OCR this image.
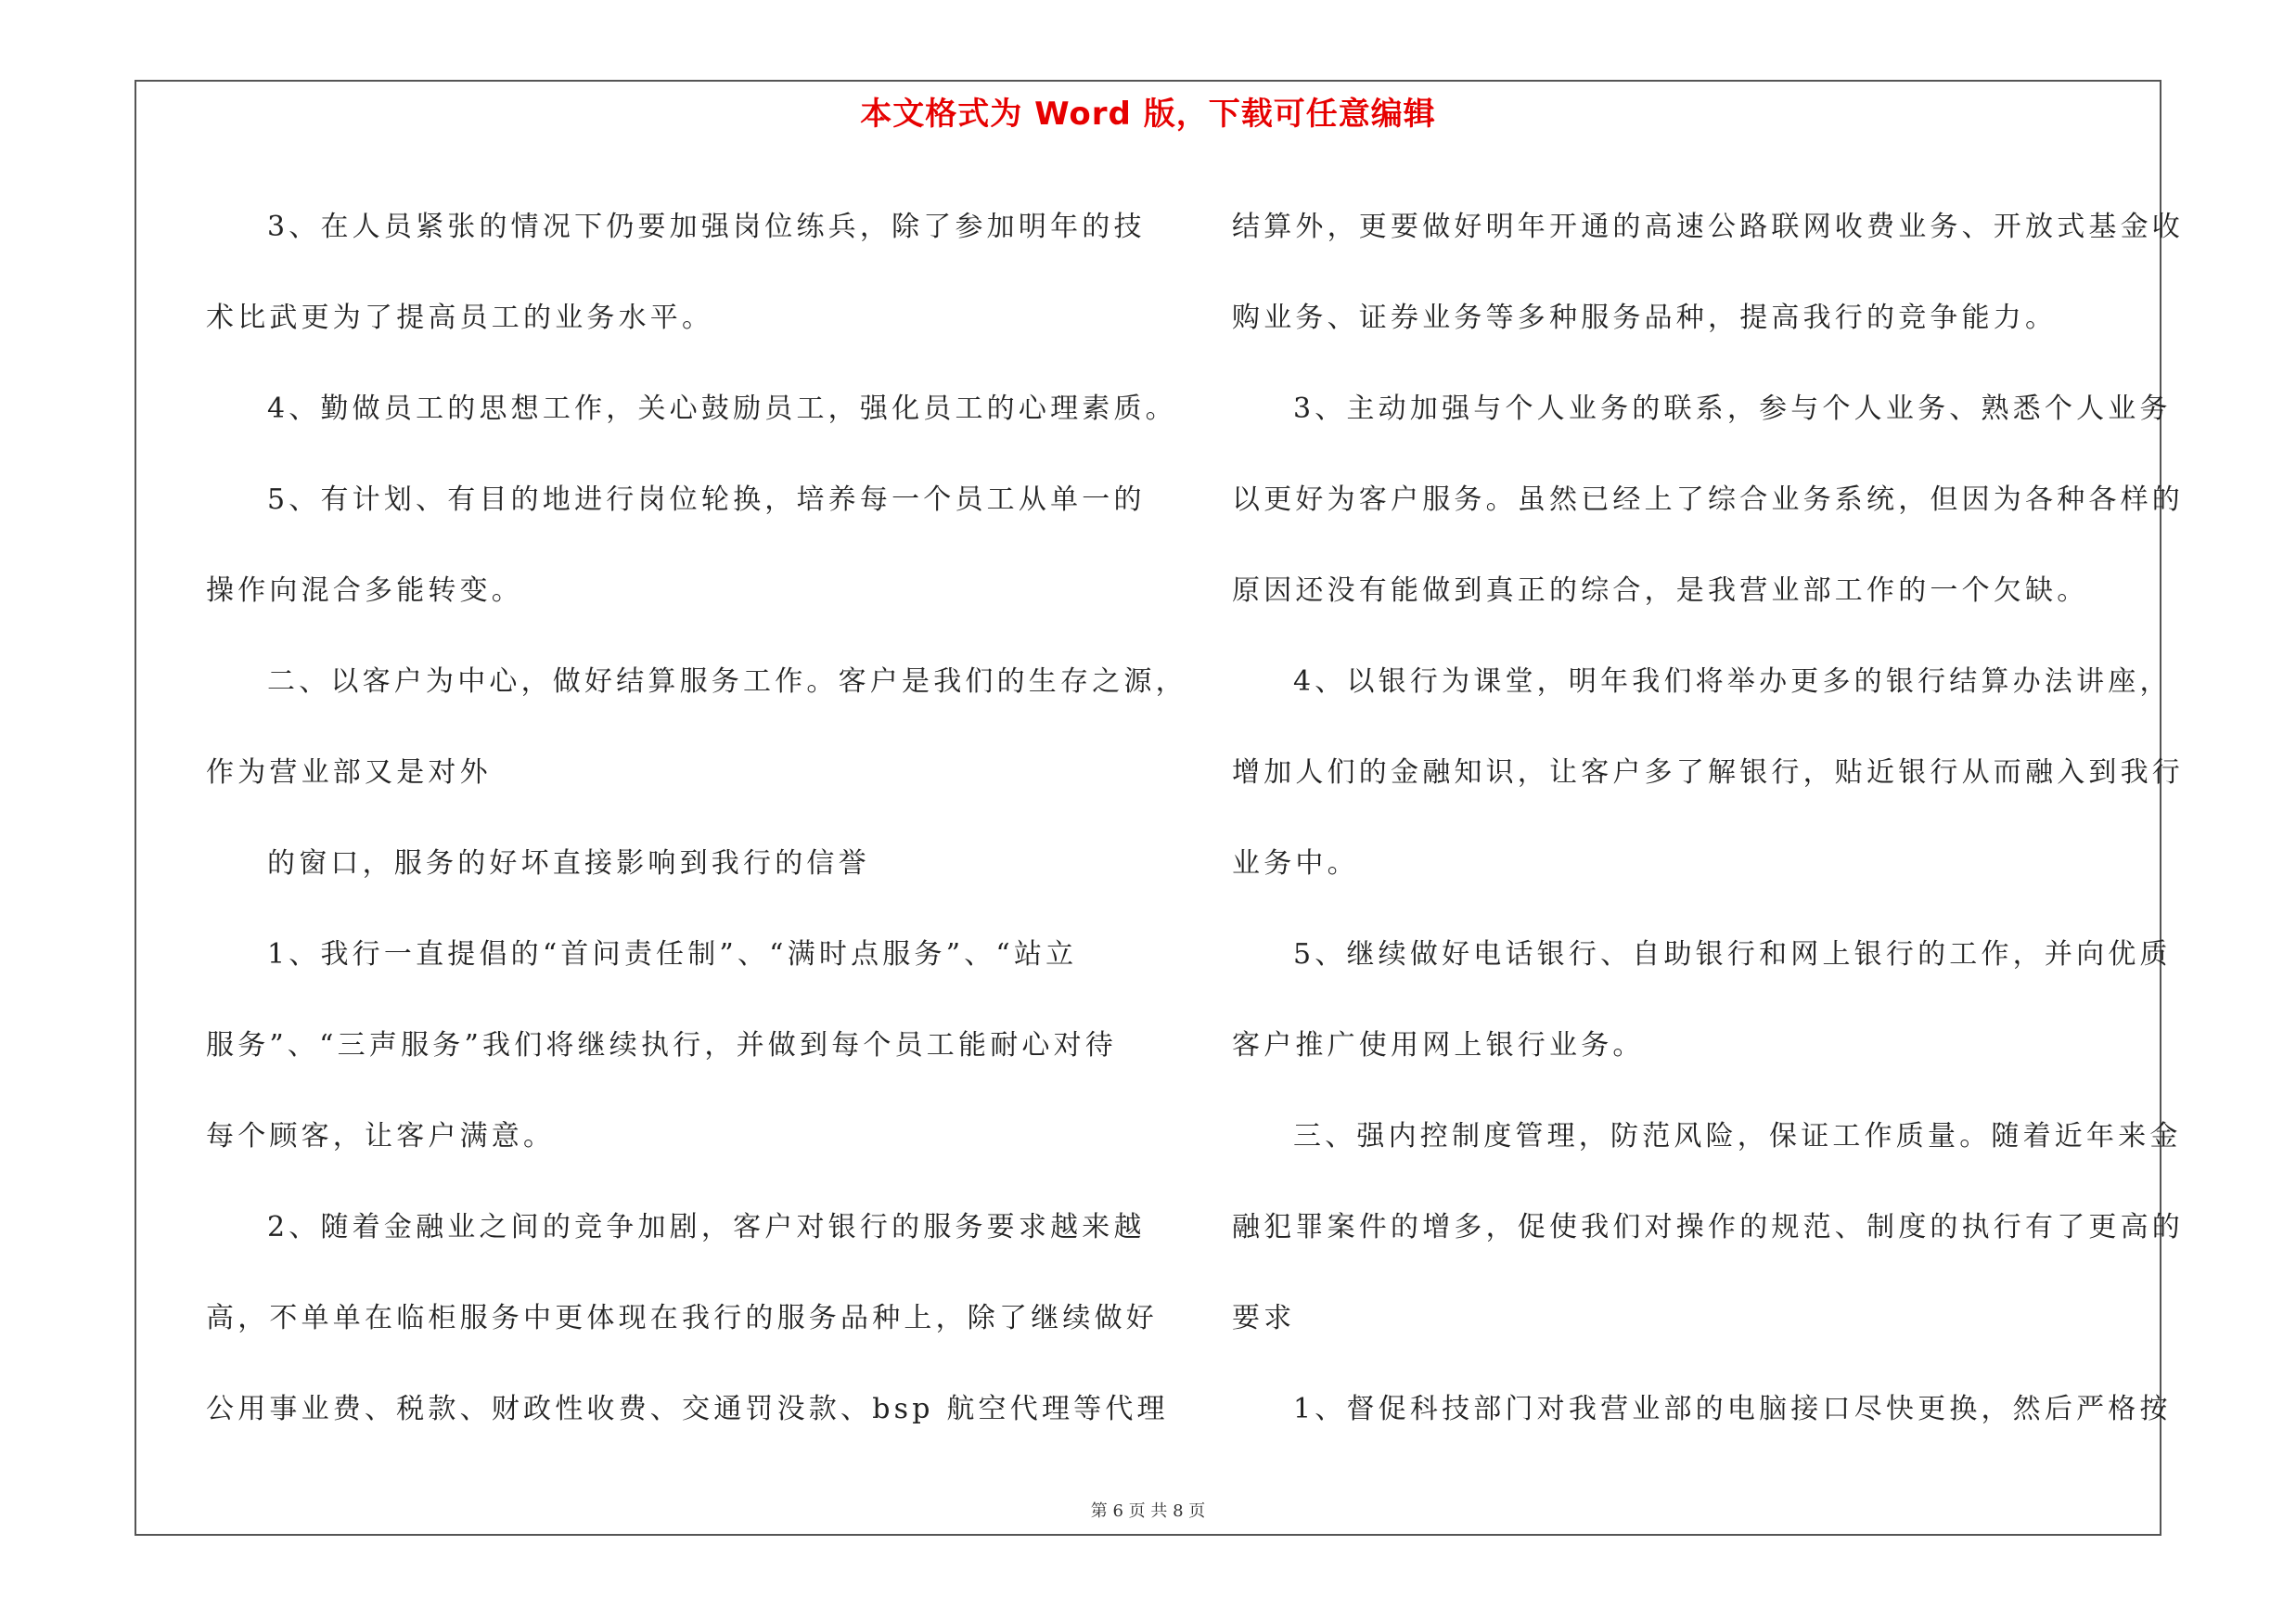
本文格式为 Word 版，下载可任意编辑
3、在人员紧张的情况下仍要加强岗位练兵，除了参加明年的技
术比武更为了提高员工的业务水平。
4、勤做员工的思想工作，关心鼓励员工，强化员工的心理素质。
5、有计划、有目的地进行岗位轮换，培养每一个员工从单一的
操作向混合多能转变。
二、以客户为中心，做好结算服务工作。客户是我们的生存之源，
作为营业部又是对外
的窗口，服务的好坏直接影响到我行的信誉
1、我行一直提倡的“首问责任制”、“满时点服务”、“站立
服务”、“三声服务”我们将继续执行，并做到每个员工能耐心对待
每个顾客，让客户满意。
2、随着金融业之间的竞争加剧，客户对银行的服务要求越来越
高，不单单在临柜服务中更体现在我行的服务品种上，除了继续做好
公用事业费、税款、财政性收费、交通罚没款、bsp 航空代理等代理
结算外，更要做好明年开通的高速公路联网收费业务、开放式基金收
购业务、证券业务等多种服务品种，提高我行的竞争能力。
3、主动加强与个人业务的联系，参与个人业务、熟悉个人业务
以更好为客户服务。虽然已经上了综合业务系统，但因为各种各样的
原因还没有能做到真正的综合，是我营业部工作的一个欠缺。
4、以银行为课堂，明年我们将举办更多的银行结算办法讲座，
增加人们的金融知识，让客户多了解银行，贴近银行从而融入到我行
业务中。
5、继续做好电话银行、自助银行和网上银行的工作，并向优质
客户推广使用网上银行业务。
三、强内控制度管理，防范风险，保证工作质量。随着近年来金
融犯罪案件的增多，促使我们对操作的规范、制度的执行有了更高的
要求
1、督促科技部门对我营业部的电脑接口尽快更换，然后严格按
第 6 页 共 8 页
